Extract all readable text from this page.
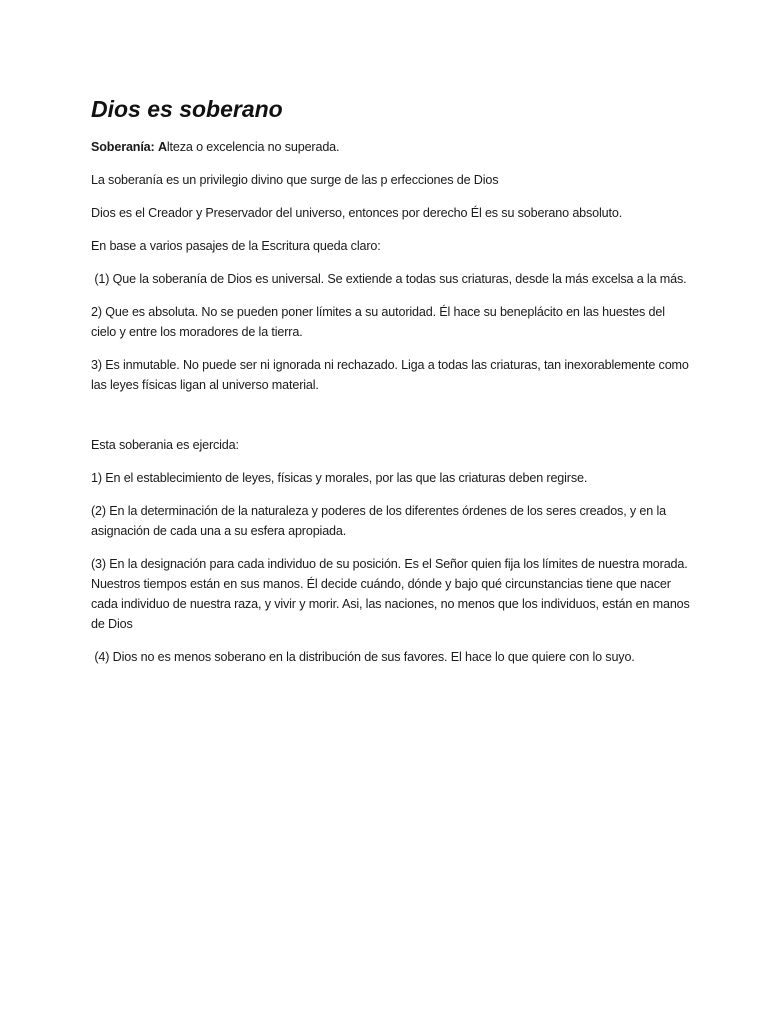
Dios es soberano

Soberanía: Alteza o excelencia no superada.

La soberanía es un privilegio divino que surge de las p erfecciones de Dios

Dios es el Creador y Preservador del universo, entonces por derecho Él es su soberano absoluto.

En base a varios pasajes de la Escritura queda claro:

(1) Que la soberanía de Dios es universal. Se extiende a todas sus criaturas, desde la más excelsa a la más.

2) Que es absoluta. No se pueden poner límites a su autoridad. Él hace su beneplácito en las huestes del cielo y entre los moradores de la tierra.

3) Es inmutable. No puede ser ni ignorada ni rechazado. Liga a todas las criaturas, tan inexorablemente como las leyes físicas ligan al universo material.

Esta soberania es ejercida:

1) En el establecimiento de leyes, físicas y morales, por las que las criaturas deben regirse.

(2) En la determinación de la naturaleza y poderes de los diferentes órdenes de los seres creados, y en la asignación de cada una a su esfera apropiada.

(3) En la designación para cada individuo de su posición. Es el Señor quien fija los límites de nuestra morada. Nuestros tiempos están en sus manos. Él decide cuándo, dónde y bajo qué circunstancias tiene que nacer cada individuo de nuestra raza, y vivir y morir. Asi, las naciones, no menos que los individuos, están en manos de Dios

(4) Dios no es menos soberano en la distribución de sus favores. El hace lo que quiere con lo suyo.
